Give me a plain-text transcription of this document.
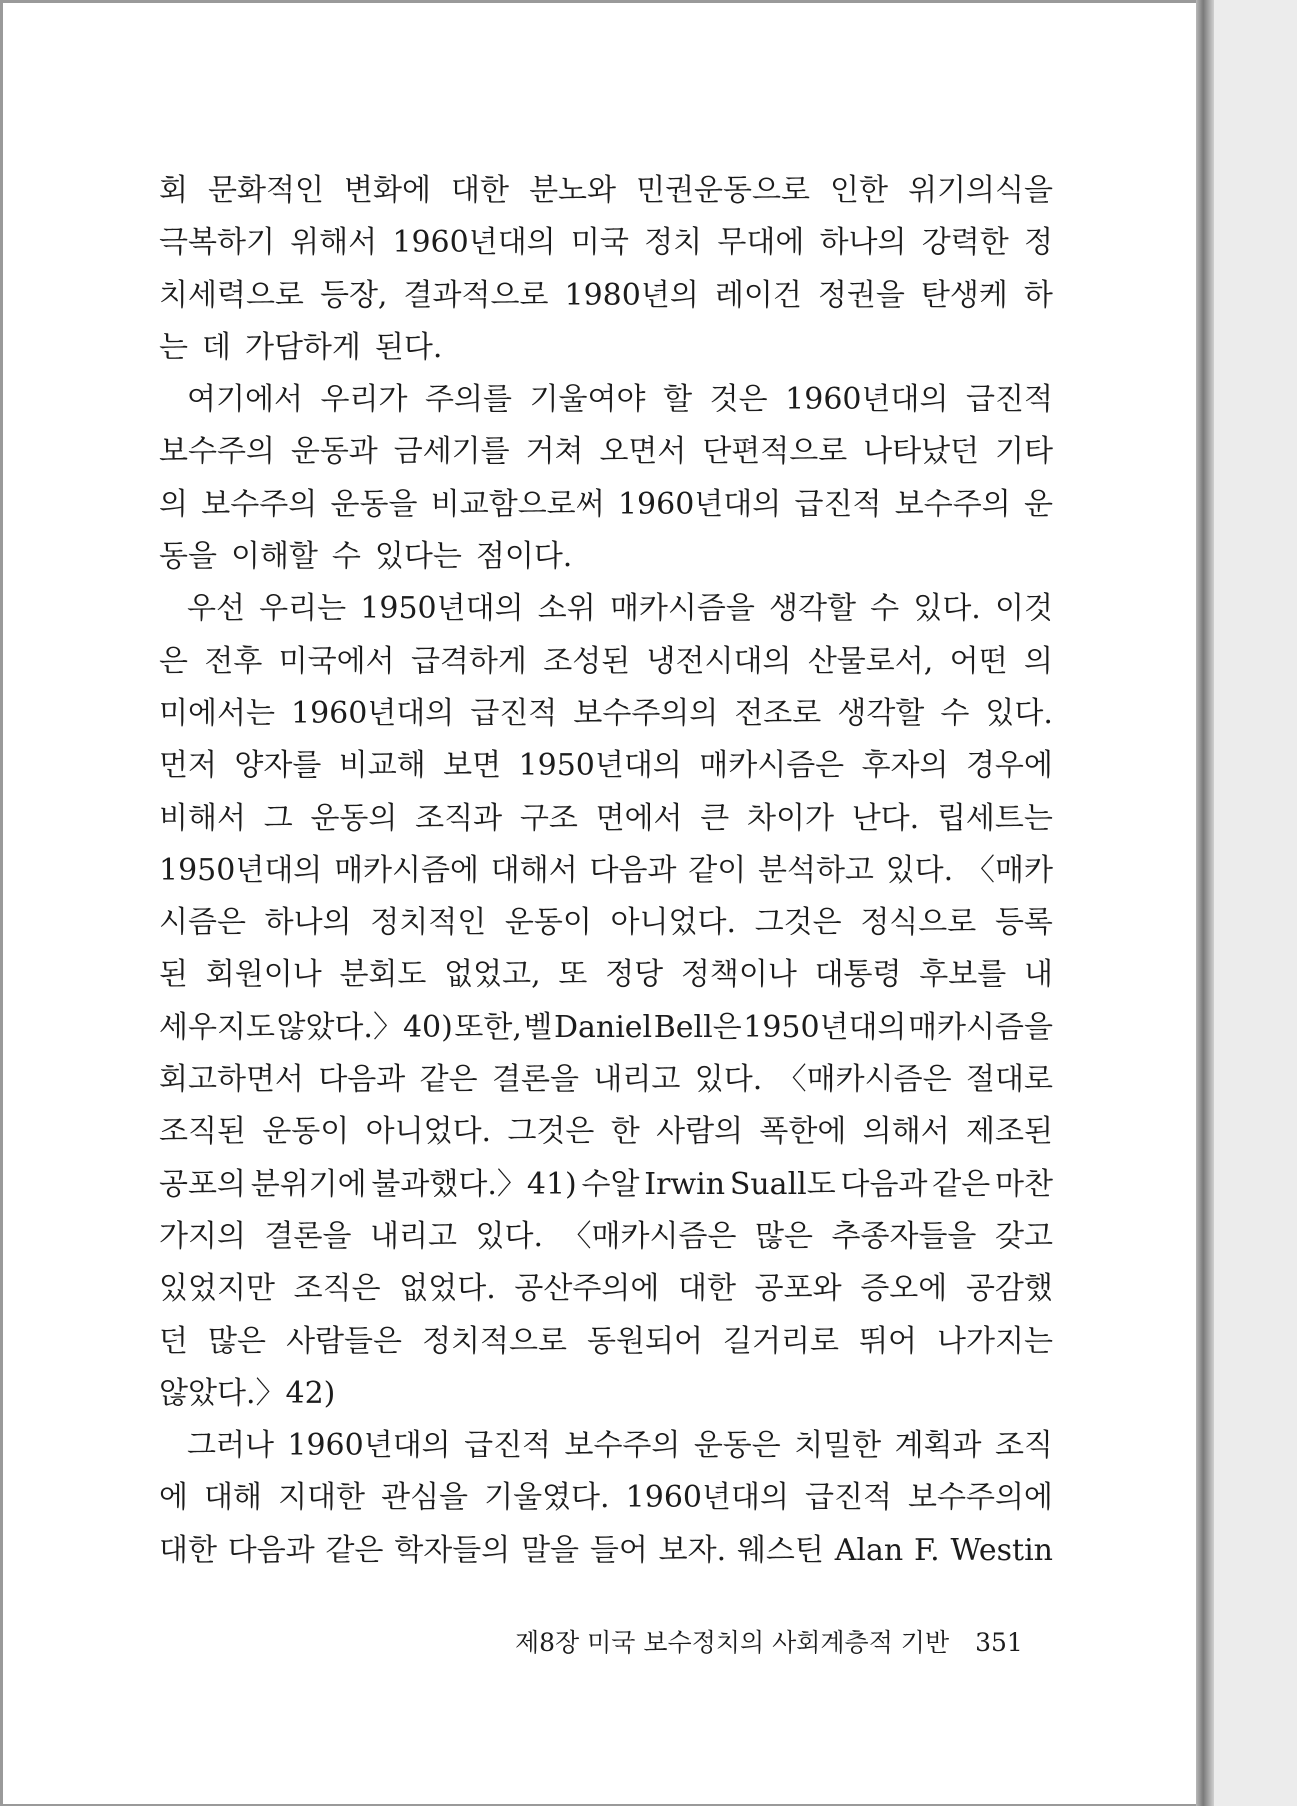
회 문화적인 변화에 대한 분노와 민권운동으로 인한 위기의식을
극복하기 위해서 1960년대의 미국 정치 무대에 하나의 강력한 정
치세력으로 등장, 결과적으로 1980년의 레이건 정권을 탄생케 하
는 데 가담하게 된다.
여기에서 우리가 주의를 기울여야 할 것은 1960년대의 급진적
보수주의 운동과 금세기를 거쳐 오면서 단편적으로 나타났던 기타
의 보수주의 운동을 비교함으로써 1960년대의 급진적 보수주의 운
동을 이해할 수 있다는 점이다.
우선 우리는 1950년대의 소위 매카시즘을 생각할 수 있다. 이것
은 전후 미국에서 급격하게 조성된 냉전시대의 산물로서, 어떤 의
미에서는 1960년대의 급진적 보수주의의 전조로 생각할 수 있다.
먼저 양자를 비교해 보면 1950년대의 매카시즘은 후자의 경우에
비해서 그 운동의 조직과 구조 면에서 큰 차이가 난다. 립세트는
1950년대의 매카시즘에 대해서 다음과 같이 분석하고 있다. 〈매카
시즘은 하나의 정치적인 운동이 아니었다. 그것은 정식으로 등록
된 회원이나 분회도 없었고, 또 정당 정책이나 대통령 후보를 내
세우지도 않았다.〉40) 또한, 벨 Daniel Bell은 1950년대의 매카시즘을
회고하면서 다음과 같은 결론을 내리고 있다. 〈매카시즘은 절대로
조직된 운동이 아니었다. 그것은 한 사람의 폭한에 의해서 제조된
공포의 분위기에 불과했다.〉41) 수알 Irwin Suall도 다음과 같은 마찬
가지의 결론을 내리고 있다. 〈매카시즘은 많은 추종자들을 갖고
있었지만 조직은 없었다. 공산주의에 대한 공포와 증오에 공감했
던 많은 사람들은 정치적으로 동원되어 길거리로 뛰어 나가지는
않았다.〉42)
그러나 1960년대의 급진적 보수주의 운동은 치밀한 계획과 조직
에 대해 지대한 관심을 기울였다. 1960년대의 급진적 보수주의에
대한 다음과 같은 학자들의 말을 들어 보자. 웨스틴 Alan F. Westin
제8장 미국 보수정치의 사회계층적 기반 351
